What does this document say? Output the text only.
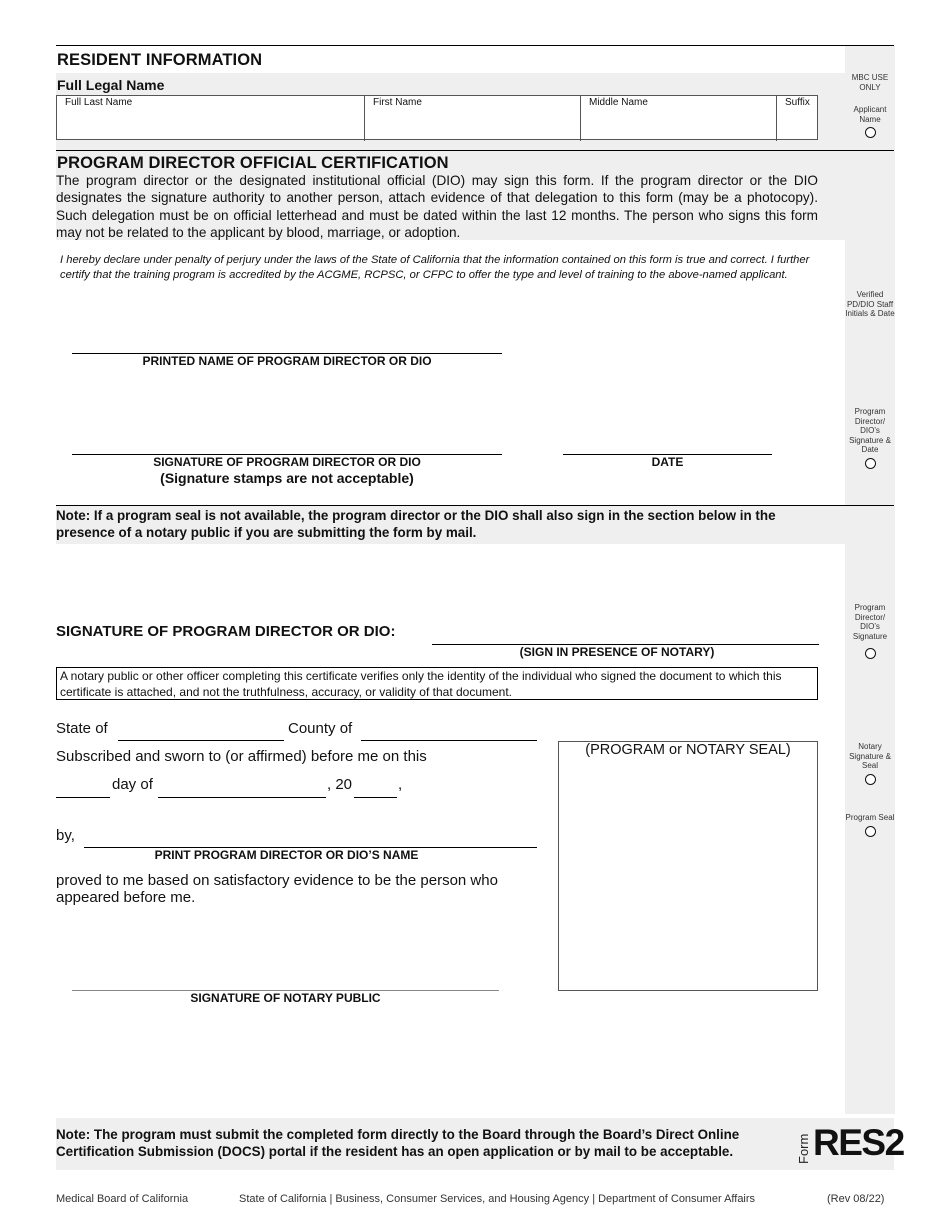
RESIDENT INFORMATION
Full Legal Name
Full Last Name	First Name	Middle Name	Suffix
MBC USE ONLY
Applicant Name
PROGRAM DIRECTOR OFFICIAL CERTIFICATION
The program director or the designated institutional official (DIO) may sign this form. If the program director or the DIO designates the signature authority to another person, attach evidence of that delegation to this form (may be a photocopy). Such delegation must be on official letterhead and must be dated within the last 12 months. The person who signs this form may not be related to the applicant by blood, marriage, or adoption.
I hereby declare under penalty of perjury under the laws of the State of California that the information contained on this form is true and correct. I further certify that the training program is accredited by the ACGME, RCPSC, or CFPC to offer the type and level of training to the above-named applicant.
Verified PD/DIO Staff Initials & Date
PRINTED NAME OF PROGRAM DIRECTOR OR DIO
Program Director/ DIO’s Signature & Date
SIGNATURE OF PROGRAM DIRECTOR OR DIO
(Signature stamps are not acceptable)
DATE
Note: If a program seal is not available, the program director or the DIO shall also sign in the section below in the presence of a notary public if you are submitting the form by mail.
Program Director/ DIO’s Signature
SIGNATURE OF PROGRAM DIRECTOR OR DIO:
(SIGN IN PRESENCE OF NOTARY)
A notary public or other officer completing this certificate verifies only the identity of the individual who signed the document to which this certificate is attached, and not the truthfulness, accuracy, or validity of that document.
State of	County of
Subscribed and sworn to (or affirmed) before me on this
day of	, 20	,
by,
PRINT PROGRAM DIRECTOR OR DIO’S NAME
proved to me based on satisfactory evidence to be the person who appeared before me.
(PROGRAM or NOTARY SEAL)	Notary Signature & Seal
Program Seal
SIGNATURE OF NOTARY PUBLIC
Note: The program must submit the completed form directly to the Board through the Board’s Direct Online Certification Submission (DOCS) portal if the resident has an open application or by mail to be acceptable.	Form RES2
Medical Board of California	State of California | Business, Consumer Services, and Housing Agency | Department of Consumer Affairs	(Rev 08/22)
